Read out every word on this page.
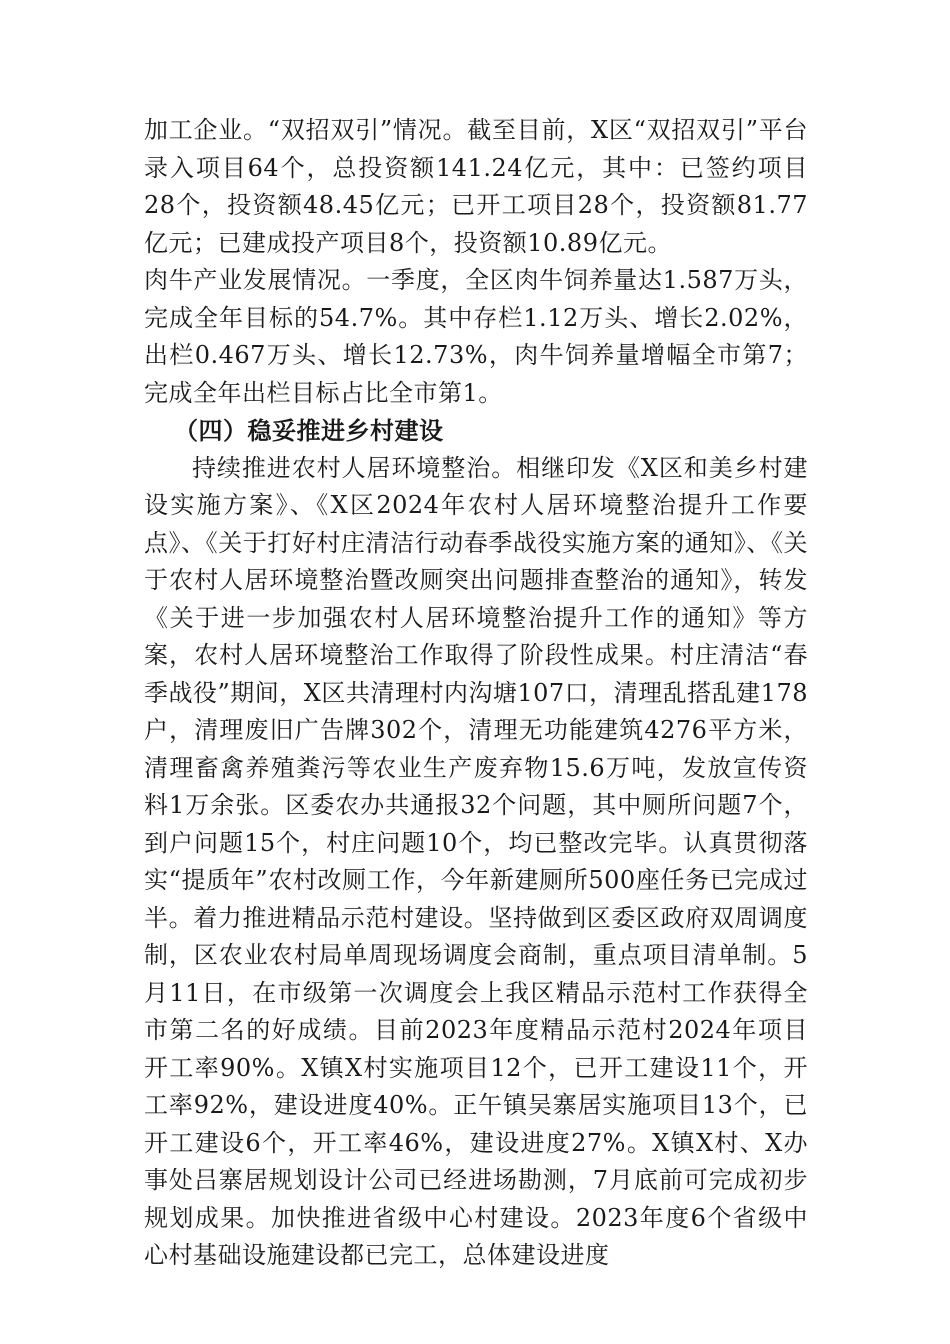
加工企业。“双招双引”情况。截至目前，X区“双招双引”平台录入项目64个，总投资额141.24亿元，其中：已签约项目28个，投资额48.45亿元；已开工项目28个，投资额81.77亿元；已建成投产项目8个，投资额10.89亿元。

肉牛产业发展情况。一季度，全区肉牛饲养量达1.587万头，完成全年目标的54.7%。其中存栏1.12万头、增长2.02%，出栏0.467万头、增长12.73%，肉牛饲养量增幅全市第7；完成全年出栏目标占比全市第1。

（四）稳妥推进乡村建设

持续推进农村人居环境整治。相继印发《X区和美乡村建设实施方案》、《X区2024年农村人居环境整治提升工作要点》、《关于打好村庄清洁行动春季战役实施方案的通知》、《关于农村人居环境整治暨改厕突出问题排查整治的通知》，转发《关于进一步加强农村人居环境整治提升工作的通知》等方案，农村人居环境整治工作取得了阶段性成果。村庄清洁“春季战役”期间，X区共清理村内沟塘107口，清理乱搭乱建178户，清理废旧广告牌302个，清理无功能建筑4276平方米，清理畜禽养殖粪污等农业生产废弃物15.6万吨，发放宣传资料1万余张。区委农办共通报32个问题，其中厕所问题7个，到户问题15个，村庄问题10个，均已整改完毕。认真贯彻落实“提质年”农村改厕工作，今年新建厕所500座任务已完成过半。着力推进精品示范村建设。坚持做到区委区政府双周调度制，区农业农村局单周现场调度会商制，重点项目清单制。5月11日，在市级第一次调度会上我区精品示范村工作获得全市第二名的好成绩。目前2023年度精品示范村2024年项目开工率90%。X镇X村实施项目12个，已开工建设11个，开工率92%，建设进度40%。正午镇吴寨居实施项目13个，已开工建设6个，开工率46%，建设进度27%。X镇X村、X办事处吕寨居规划设计公司已经进场勘测，7月底前可完成初步规划成果。加快推进省级中心村建设。2023年度6个省级中心村基础设施建设都已完工，总体建设进度
